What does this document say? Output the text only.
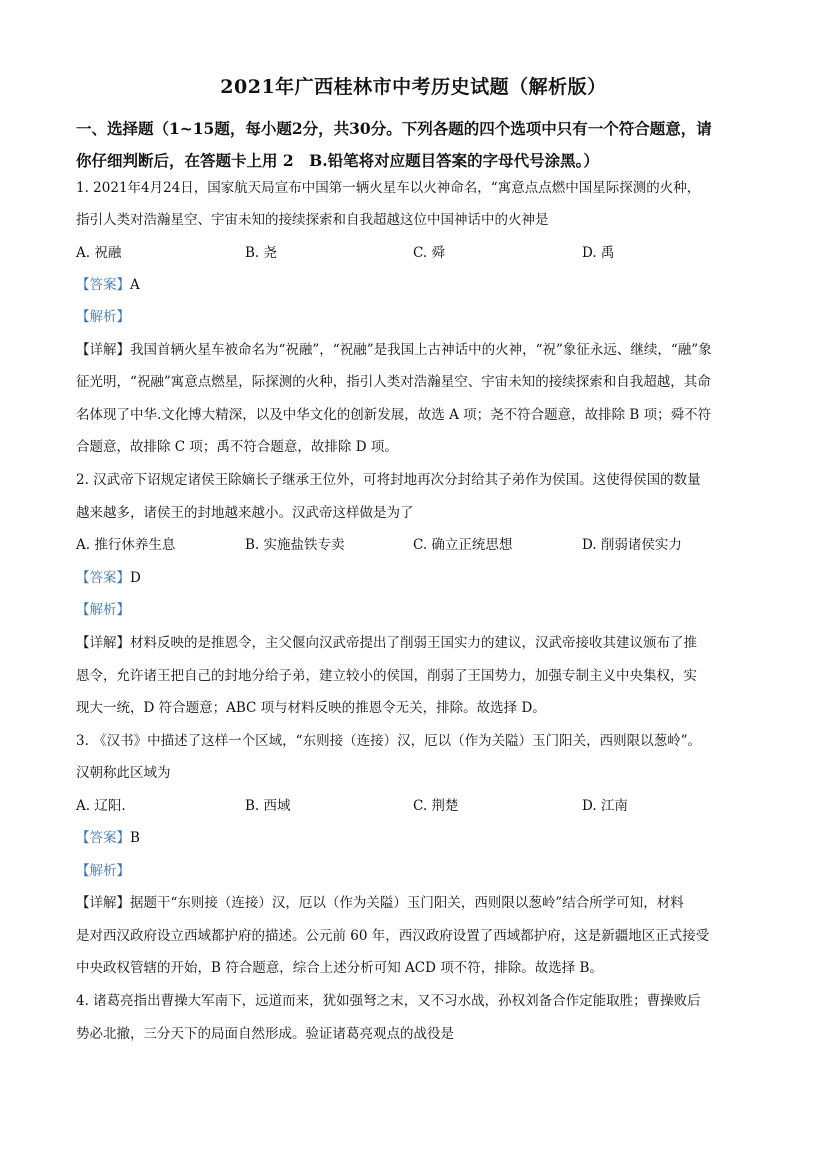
2021年广西桂林市中考历史试题（解析版）
一、选择题（1~15题，每小题2分，共30分。下列各题的四个选项中只有一个符合题意，请
你仔细判断后，在答题卡上用 2　B.铅笔将对应题目答案的字母代号涂黑。）
1. 2021年4月24日，国家航天局宣布中国第一辆火星车以火神命名，“寓意点点燃中国星际探测的火种，
指引人类对浩瀚星空、宇宙未知的接续探索和自我超越这位中国神话中的火神是
A. 祝融	B. 尧	C. 舜	D. 禹
【答案】A
【解析】
【详解】我国首辆火星车被命名为“祝融”，“祝融”是我国上古神话中的火神，“祝”象征永远、继续，“融”象
征光明，“祝融”寓意点燃星，际探测的火种，指引人类对浩瀚星空、宇宙未知的接续探索和自我超越，其命
名体现了中华.文化博大精深，以及中华文化的创新发展，故选 A 项；尧不符合题意，故排除 B 项；舜不符
合题意，故排除 C 项；禹不符合题意，故排除 D 项。
2. 汉武帝下诏规定诸侯王除嫡长子继承王位外，可将封地再次分封给其子弟作为侯国。这使得侯国的数量
越来越多，诸侯王的封地越来越小。汉武帝这样做是为了
A. 推行休养生息	B. 实施盐铁专卖	C. 确立正统思想	D. 削弱诸侯实力
【答案】D
【解析】
【详解】材料反映的是推恩令，主父偃向汉武帝提出了削弱王国实力的建议，汉武帝接收其建议颁布了推
恩令，允许诸王把自己的封地分给子弟，建立较小的侯国，削弱了王国势力，加强专制主义中央集权，实
现大一统，D 符合题意；ABC 项与材料反映的推恩令无关，排除。故选择 D。
3. 《汉书》中描述了这样一个区域，“东则接（连接）汉，厄以（作为关隘）玉门阳关，西则限以葱岭”。
汉朝称此区域为
A. 辽阳.	B. 西域	C. 荆楚	D. 江南
【答案】B
【解析】
【详解】据题干“东则接（连接）汉，厄以（作为关隘）玉门阳关，西则限以葱岭”结合所学可知，材料
是对西汉政府设立西域都护府的描述。公元前 60 年，西汉政府设置了西域都护府，这是新疆地区正式接受
中央政权管辖的开始，B 符合题意，综合上述分析可知 ACD 项不符，排除。故选择 B。
4. 诸葛亮指出曹操大军南下，远道而来，犹如强弩之末，又不习水战，孙权刘备合作定能取胜；曹操败后
势必北撤，三分天下的局面自然形成。验证诸葛亮观点的战役是
